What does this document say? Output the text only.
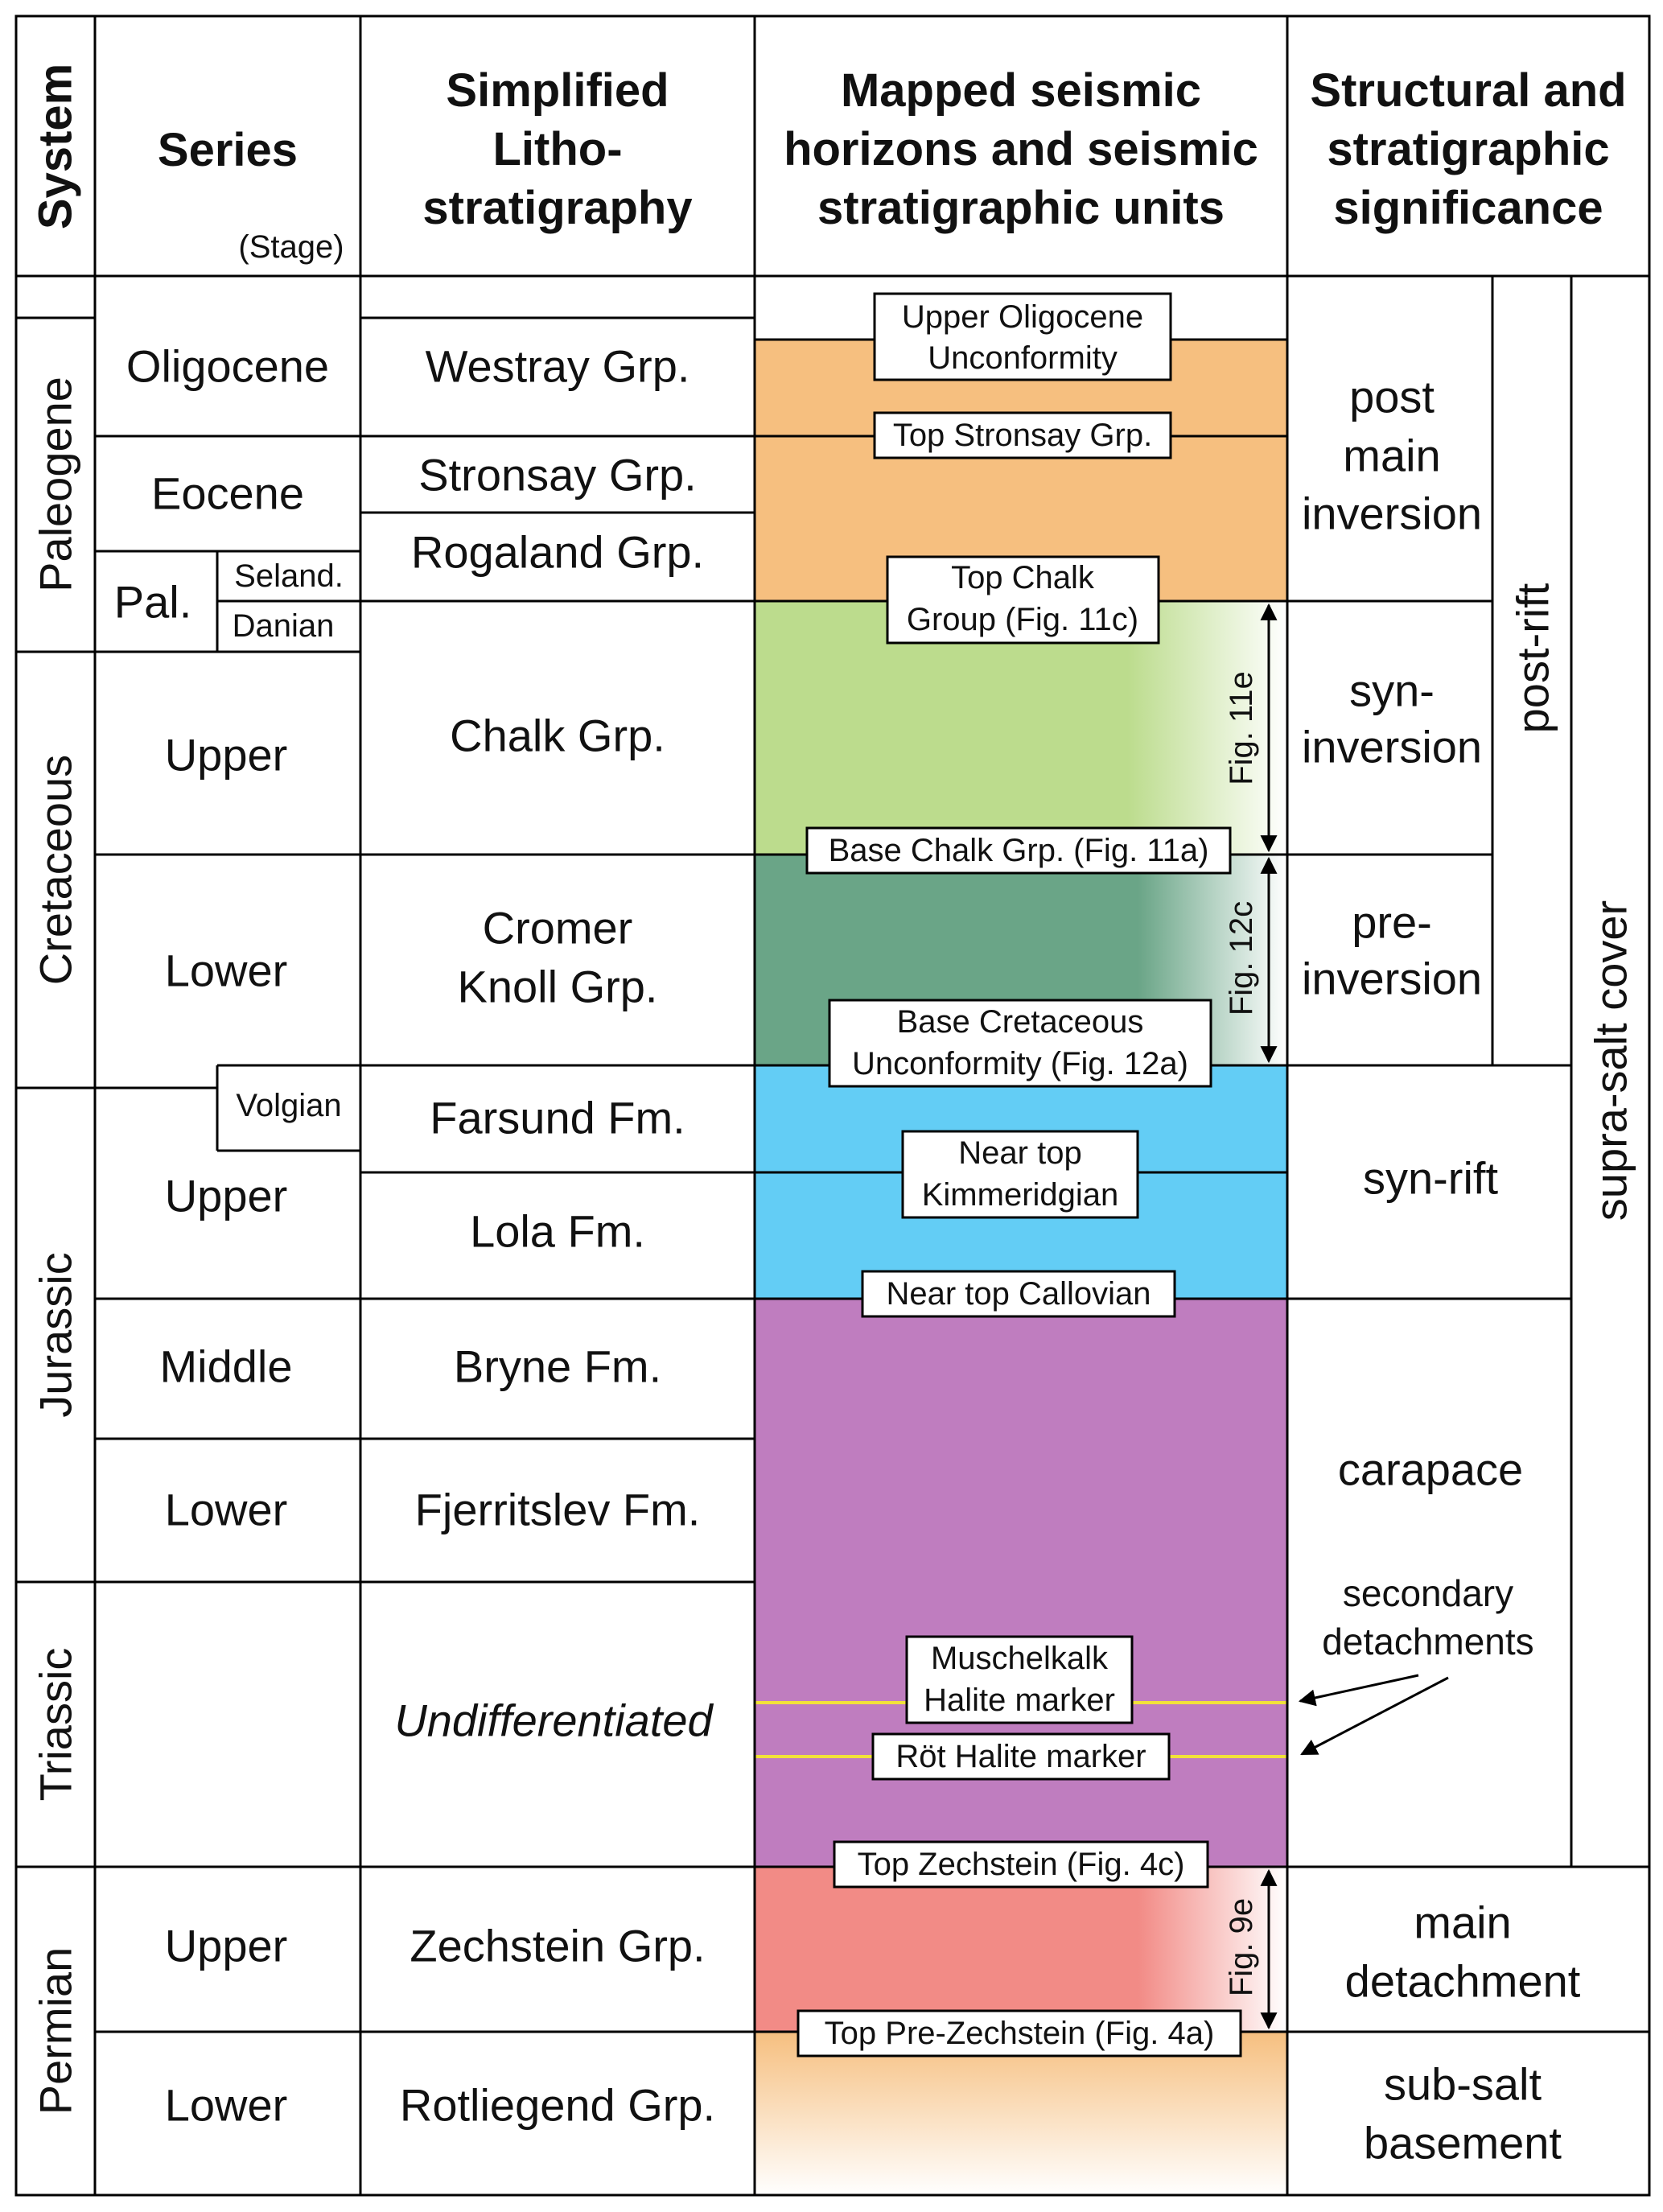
System Series
(Stage)
Simplified
Litho-
stratigraphy
Mapped seismic
horizons and seismic
stratigraphic units
Structural and
stratigraphic
significance
Paleogene
Cretaceous
Jurassic
Triassic
Permian
Oligocene
Eocene
Pal.
Seland.
Danian
Upper
Lower
Volgian
Upper
Middle
Lower
Upper
Lower
Westray Grp.
Stronsay Grp.
Rogaland Grp.
Chalk Grp.
Cromer
Knoll Grp.
Farsund Fm.
Lola Fm.
Bryne Fm.
Fjerritslev Fm.
Undifferentiated
Zechstein Grp.
Rotliegend Grp.
Upper Oligocene
Unconformity
Top Stronsay Grp.
Top Chalk
Group (Fig. 11c)
Base Chalk Grp. (Fig. 11a)
Base Cretaceous
Unconformity (Fig. 12a)
Near top
Kimmeridgian
Near top Callovian
Muschelkalk
Halite marker
Röt Halite marker
Top Zechstein (Fig. 4c)
Top Pre-Zechstein (Fig. 4a)
Fig. 11e
Fig. 12c
Fig. 9e
post
main
inversion
syn-
inversion
pre-
inversion
syn-rift
carapace
secondary
detachments
main
detachment
sub-salt
basement
post-rift
supra-salt cover
